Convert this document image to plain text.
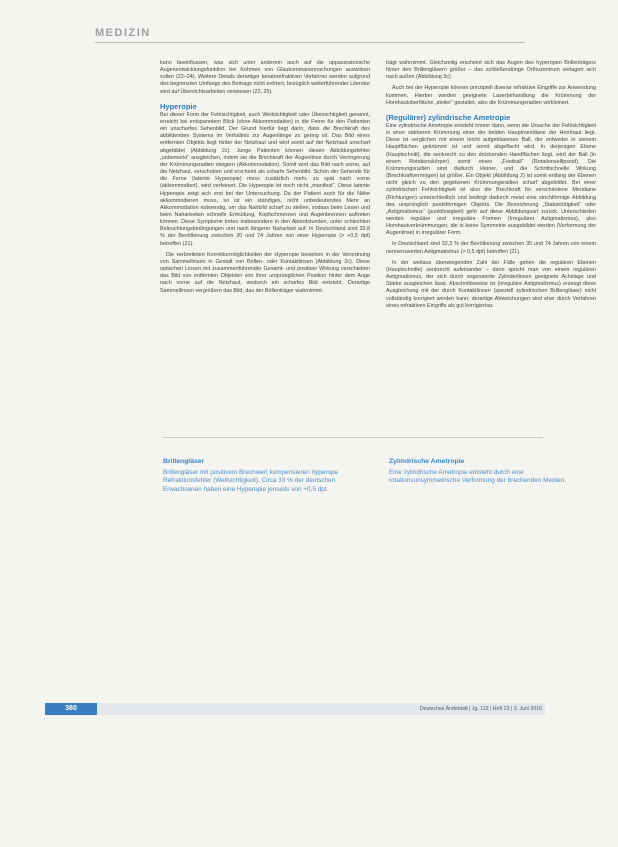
MEDIZIN

kann beeinflussen, was sich unter anderem auch auf die uppassratorische Augenentwicklungsfunktion bei Kohmen von Glaukommanennachungen auswirken sollen (22–24). Weitere Details derartiger keratorefraktiven Verfahren werden aufgrund des begrenzten Umfangs des Beitrags nicht erörtert, bezüglich weiterführender Literatur wird auf Übersichtsarbeiten verwiesen (23, 25).

Hyperopie

Bei dieser Form der Fehlsichtigkeit, auch Weitsichtigkeit oder Übersichtigkeit genannt, erreicht bei entspanntem Blick (ohne Akkommodation) in die Ferne für den Patienten ein unscharfes Sehenbild. Der Grund hierfür liegt darin, dass die Brechkraft des abbildenden Systems im Verhältnis zur Augenlänge zu gering ist. Das Bild eines entfernten Objekts liegt hinter der Netzhaut und wird somit auf der Netzhaut unscharf abgebildet (Abbildung 2c). Junge Patienten können diesen Abbildungsfehler „unbemerkt“ ausgleichen, indem sie die Brechkraft der Augenlinse durch Verringerung der Krümmungsradien steigern (Akkommodation). Somit wird das Bild nach vorne, auf die Netzhaut, verschoben und erscheint als scharfe Sehenbild. Schon der Sehende für die Ferne (latente Hyperopie) muss zusätzlich mehr, zu spät nach vorne (akkommodiert), wird verfeinert. Die Hyperopie ist noch nicht „manifest“. Diese latente Hyperopie zeigt sich erst bei der Untersuchung. Da der Patient auch für die Nähe akkommodieren muss, so ist ein ständiges, nicht unbedeutendes Mehr an Akkommodation notwendig, um das Nahbild scharf zu stellen, sodass beim Lesen und beim Naharbeiten schnelle Ermüdung, Kopfschmerzen und Augenbrennen auftreten können. Diese Symptome treten insbesondere in den Abendstunden, unter schlechten Beleuchtungsbedingungen und nach längerer Naharbeit auf. In Deutschland sind 33,8 % der Bevölkerung zwischen 20 und 74 Jahren von einer Hyperopie (> +0,5 dpt) betroffen (21).

Die verbreiteten Korrekturmöglichkeiten der Hyperopie bestehen in der Verordnung von Sammellinsen in Gestalt von Brillen- oder Kontaktlinsen (Abbildung 2c). Diese optischen Linsen mit zusammenführender Gesamt- und positiver Wirkung verschieben das Bild von entfernten Objekten von ihrer ursprünglichen Position hinter dem Auge nach vorne auf die Netzhaut, wodurch ein scharfes Bild entsteht. Derartige Sammellinsen vergrößern das Bild, das der Brillenträger wahrnimmt.

trägt wahrnimmt. Gleichzeitig erscheint sich das Augen des hyperopen Brillenträgers hinter den Brillengläsern größer – das schließendünge Orthozentrum verlagert sich nach außen (Abbildung 3c).

Auch bei der Hyperopie können prinzipiell diverse refraktive Eingriffe zur Anwendung kommen. Hierbei werden geeignete Laserbehandlung die Krümmung der Hornhautoberfläche „steiler“ gestaltet, also die Krümmungsradien verkleinert.

(Regulärer) zylindrische Ametropie

Eine zylindrische Ametropie entsteht immer dann, wenn die Ursache der Fehlsichtigkeit in einer stärkeren Krümmung einer der beiden Hauptmeridiane der Hornhaut liegt. Diese ist verglichen mit einem leicht aufgeblasenen Ball, der entweder in seinem Hauptflächen gekrümmt ist und somit abgeflacht wird. In derjenigen Ebene (Hauptschnitt), die senkrecht zu den drückenden Handflächen liegt, wird der Ball (in einem Rotationskörper) somit einen „Football“ (Rotationsellipsoid). Die Krümmungsradien sind dadurch kleiner, und die Schrittschnelle Wirkung (Brechkraftvermögen) ist größer. Ein Objekt (Abbildung 2) ist somit entlang der Ebenen nicht gleich zu den gegebenen Krümmungsradien scharf abgebildet. Bei einer zylindrischen Fehlsichtigkeit ist also die Brechkraft für verschiedene Meridiane (Richtungen) unterschiedlich und bedingt dadurch meist eine strichförmige Abbildung des ursprünglich punktförmigen Objekts. Die Bezeichnung „Stabsichtigkeit“ oder „Astigmatismus“ (punktlosigkeit) geht auf diese Abbildungsart zurück. Unterschieden werden reguläre und irreguläre Formen (Irregulärer Astigmatismus), also Hornhautverkrümmungen, die in keine Symmetrie ausgebildet werden (Verformung der Augenlinse) in irregulärer Form.

In Deutschland sind 32,3 % der Bevölkerung zwischen 35 und 74 Jahren von einem nennenswerten Astigmatismus (> 0,5 dpt) betroffen (21).

In der weitaus überwiegenden Zahl der Fälle gehen die regulären Ebenen (Hauptschnitte) senkrecht aufeinander – dann spricht man von einem regulären Astigmatismus, der sich durch sogenannte Zylinderlinsen geeignete Achslage und Stärke ausgleichen lässt. Abschnittsweise ist (irreguläre Astigmatismus) erzeugt diese Ausgleichung mit der durch Kontaktlinsen (speziell zylindrischen Brillengläser) nicht vollständig korrigiert werden kann; derartige Abweichungen sind eher durch Verfahren eines refraktiven Eingriffs als gut korrigierbar.

Brillengläser
Brillengläser mit positivem Brechwert kompensieren hyperope Refraktionsfehler (Weitsichtigkeit). Circa 33 % der deutschen Erwachsenen haben eine Hyperopie jenseits von +0,5 dpt.
Zylindrische Ametropie
Eine zylindrische Ametropie entsteht durch eine rotationsunsymmetrische Verformung der brechenden Medien.
380	Deutsches Ärzteblatt | Jg. 113 | Heft 22 | 3. Juni 2016
